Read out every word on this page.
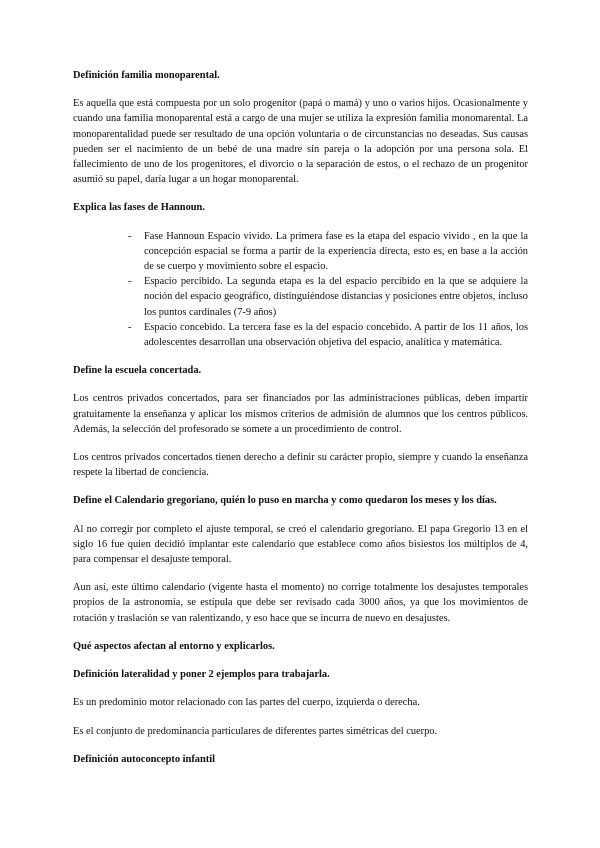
Definición familia monoparental.

Es aquella que está compuesta por un solo progenitor (papá o mamá) y uno o varios hijos. Ocasionalmente y cuando una familia monoparental está a cargo de una mujer se utiliza la expresión familia monomarental. La monoparentalidad puede ser resultado de una opción voluntaria o de circunstancias no deseadas. Sus causas pueden ser el nacimiento de un bebé de una madre sin pareja o la adopción por una persona sola. El fallecimiento de uno de los progenitores, el divorcio o la separación de estos, o el rechazo de un progenitor asumió su papel, daría lugar a un hogar monoparental.

Explica las fases de Hannoun.

- Fase Hannoun Espacio vivido. La primera fase es la etapa del espacio vivido , en la que la concepción espacial se forma a partir de la experiencia directa, esto es, en base a la acción de se cuerpo y movimiento sobre el espacio.
- Espacio percibido. La segunda etapa es la del espacio percibido en la que se adquiere la noción del espacio geográfico, distinguiéndose distancias y posiciones entre objetos, incluso los puntos cardinales (7-9 años)
- Espacio concebido. La tercera fase es la del espacio concebido. A partir de los 11 años, los adolescentes desarrollan una observación objetiva del espacio, analítica y matemática.

Define la escuela concertada.

Los centros privados concertados, para ser financiados por las administraciones públicas, deben impartir gratuitamente la enseñanza y aplicar los mismos criterios de admisión de alumnos que los centros públicos. Además, la selección del profesorado se somete a un procedimiento de control.

Los centros privados concertados tienen derecho a definir su carácter propio, siempre y cuando la enseñanza respete la libertad de conciencia.

Define el Calendario gregoriano, quién lo puso en marcha y como quedaron los meses y los días.

Al no corregir por completo el ajuste temporal, se creó el calendario gregoriano. El papa Gregorio 13 en el siglo 16 fue quien decidió implantar este calendario que establece como años bisiestos los múltiplos de 4, para compensar el desajuste temporal.

Aun así, este último calendario (vigente hasta el momento) no corrige totalmente los desajustes temporales propios de la astronomía, se estipula que debe ser revisado cada 3000 años, ya que los movimientos de rotación y traslación se van ralentizando, y eso hace que se incurra de nuevo en desajustes.

Qué aspectos afectan al entorno y explicarlos.

Definición lateralidad y poner 2 ejemplos para trabajarla.

Es un predominio motor relacionado con las partes del cuerpo, izquierda o derecha.

Es el conjunto de predominancia particulares de diferentes partes simétricas del cuerpo.

Definición autoconcepto infantil
